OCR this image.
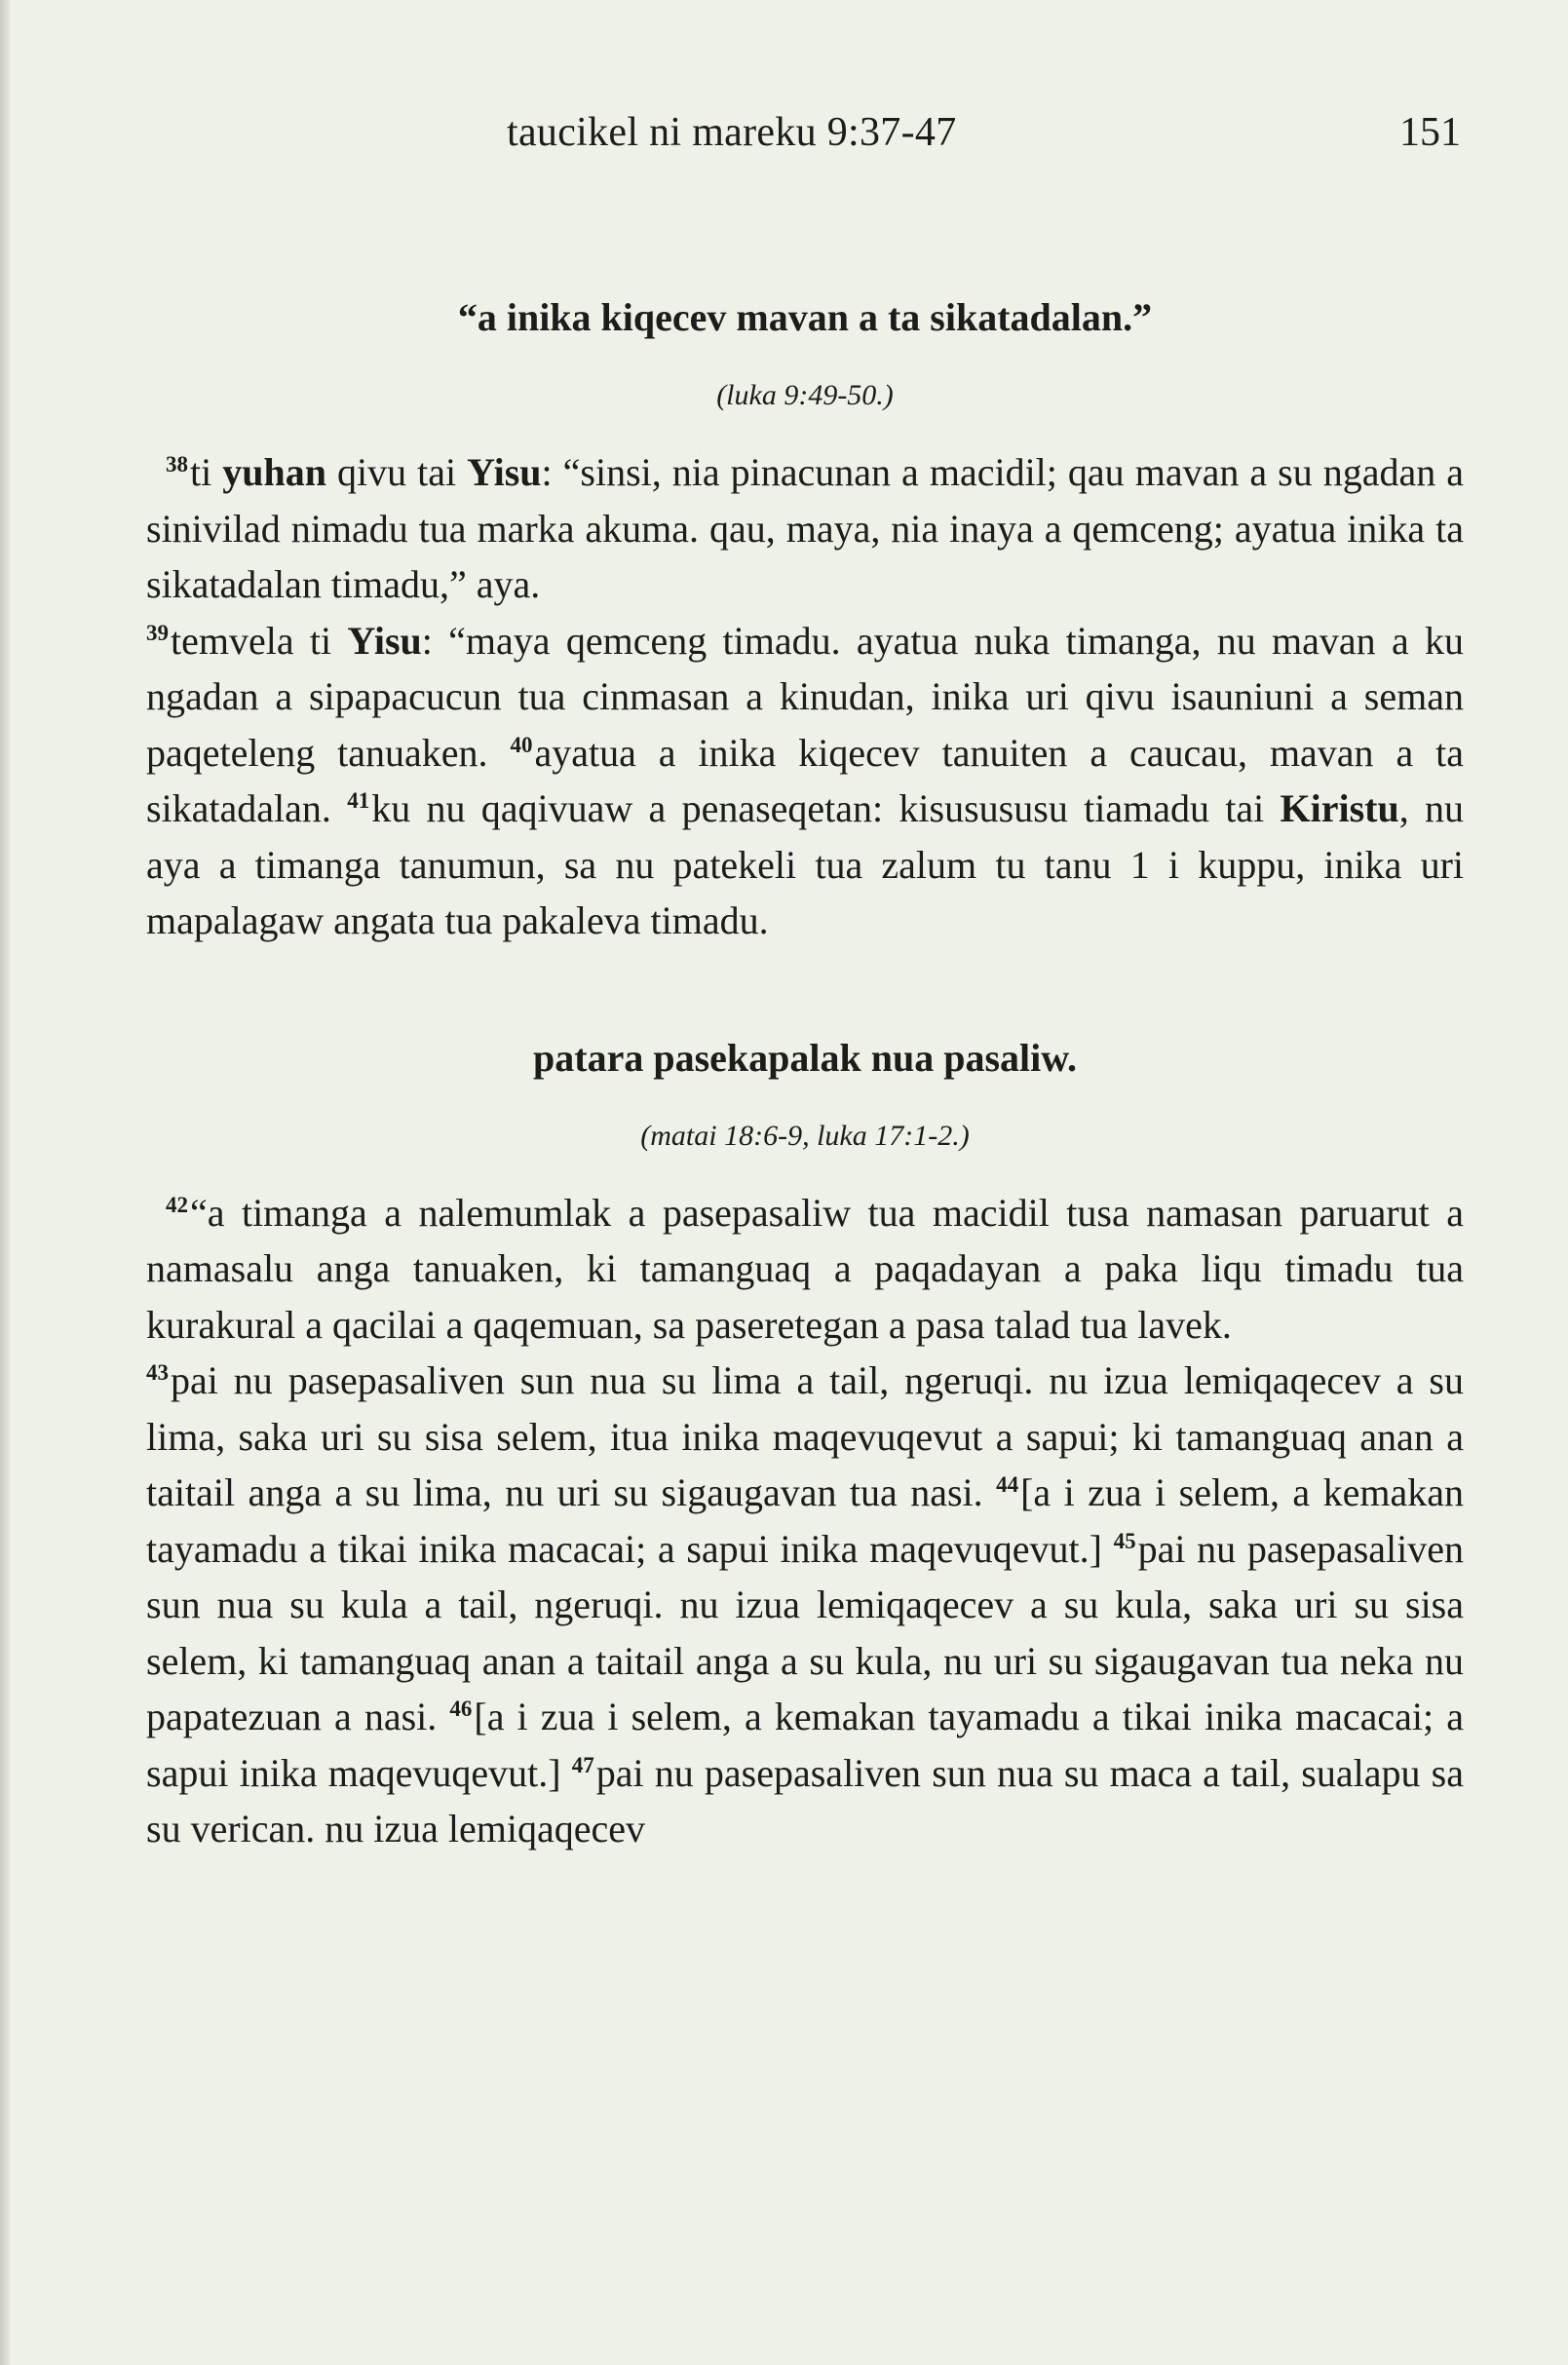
taucikel ni mareku 9:37-47	151
“a inika kiqecev mavan a ta sikatadalan.”
(luka 9:49-50.)

$^{38}$ti yuhan qivu tai Yisu: “sinsi, nia pinacunan a macidil; qau mavan a su ngadan a sinivilad nimadu tua marka akuma. qau, maya, nia inaya a qemceng; ayatua inika ta sikatadalan timadu,” aya.
$^{39}$temvela ti Yisu: “maya qemceng timadu. ayatua nuka timanga, nu mavan a ku ngadan a sipapacucun tua cinmasan a kinudan, inika uri qivu isauniuni a seman paqeteleng tanuaken. $^{40}$ayatua a inika kiqecev tanuiten a caucau, mavan a ta sikatadalan. $^{41}$ku nu qaqivuaw a penaseqetan: kisusususu tiamadu tai Kiristu, nu aya a timanga tanumun, sa nu patekeli tua zalum tu tanu 1 i kuppu, inika uri mapalagaw angata tua pakaleva timadu.

patara pasekapalak nua pasaliw.
(matai 18:6-9, luka 17:1-2.)

$^{42}$“a timanga a nalemumlak a pasepasaliw tua macidil tusa namasan paruarut a namasalu anga tanuaken, ki tamanguaq a paqadayan a paka liqu timadu tua kurakural a qacilai a qaqemuan, sa paseretegan a pasa talad tua lavek.
$^{43}$pai nu pasepasaliven sun nua su lima a tail, ngeruqi. nu izua lemiqaqecev a su lima, saka uri su sisa selem, itua inika maqevuqevut a sapui; ki tamanguaq anan a taitail anga a su lima, nu uri su sigaugavan tua nasi. $^{44}$[a i zua i selem, a kemakan tayamadu a tikai inika macacai; a sapui inika maqevuqevut.] $^{45}$pai nu pasepasaliven sun nua su kula a tail, ngeruqi. nu izua lemiqaqecev a su kula, saka uri su sisa selem, ki tamanguaq anan a taitail anga a su kula, nu uri su sigaugavan tua neka nu papatezuan a nasi. $^{46}$[a i zua i selem, a kemakan tayamadu a tikai inika macacai; a sapui inika maqevuqevut.] $^{47}$pai nu pasepasaliven sun nua su maca a tail, sualapu sa su verican. nu izua lemiqaqecev
